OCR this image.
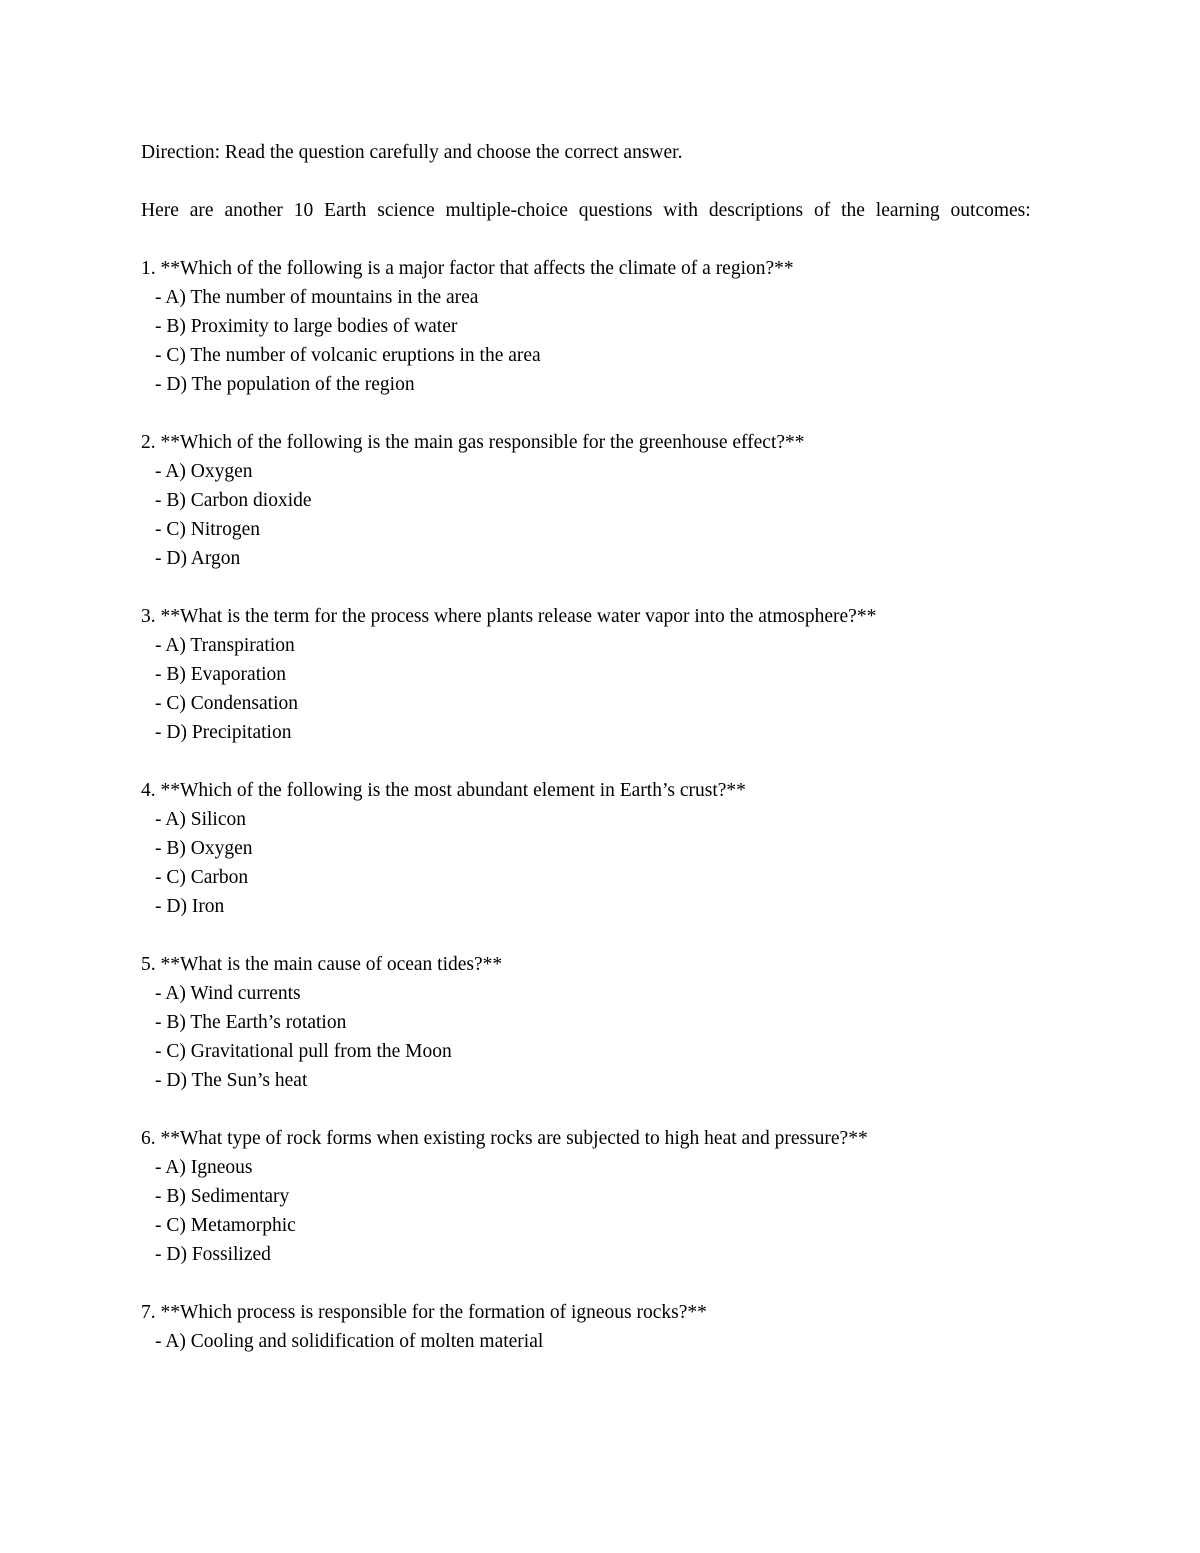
Direction: Read the question carefully and choose the correct answer.

Here are another 10 Earth science multiple-choice questions with descriptions of the learning outcomes:

1. **Which of the following is a major factor that affects the climate of a region?**

- A) The number of mountains in the area
- B) Proximity to large bodies of water
- C) The number of volcanic eruptions in the area
- D) The population of the region

2. **Which of the following is the main gas responsible for the greenhouse effect?**

- A) Oxygen
- B) Carbon dioxide
- C) Nitrogen
- D) Argon

3. **What is the term for the process where plants release water vapor into the atmosphere?**

- A) Transpiration
- B) Evaporation
- C) Condensation
- D) Precipitation

4. **Which of the following is the most abundant element in Earth’s crust?**

- A) Silicon
- B) Oxygen
- C) Carbon
- D) Iron

5. **What is the main cause of ocean tides?**

- A) Wind currents
- B) The Earth’s rotation
- C) Gravitational pull from the Moon
- D) The Sun’s heat

6. **What type of rock forms when existing rocks are subjected to high heat and pressure?**

- A) Igneous
- B) Sedimentary
- C) Metamorphic
- D) Fossilized

7. **Which process is responsible for the formation of igneous rocks?**

- A) Cooling and solidification of molten material
